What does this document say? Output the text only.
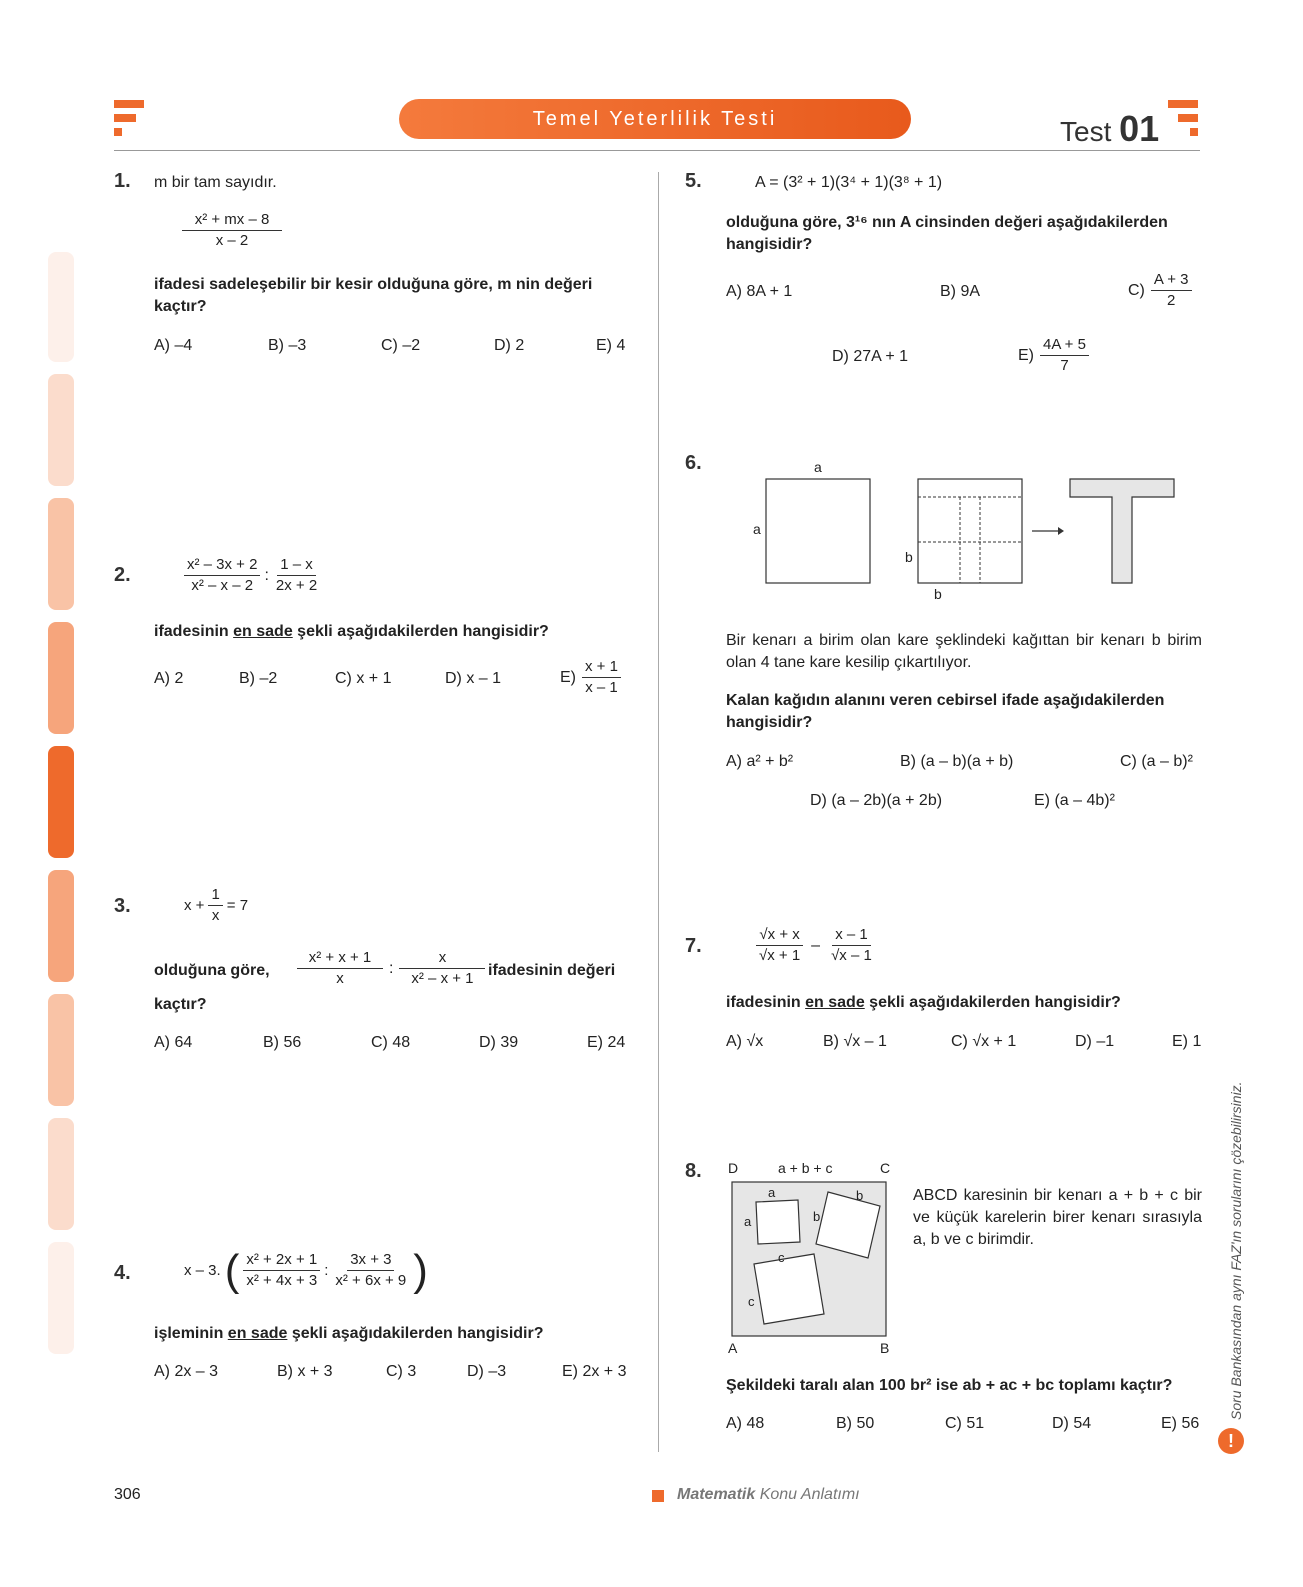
Temel Yeterlilik Testi	Test 01
1. m bir tam sayıdır.
$\frac{\text{x² + mx – 8}}{x - 2}$
ifadesi sadeleşebilir bir kesir olduğuna göre, m nin değeri kaçtır?
A) –4	B) –3	C) –2	D) 2	E) 4
2.	$\frac{\text{x² – 3x + 2}}{\text{x² – x – 2}}$ : $\frac{1 - x}{2x + 2}$
ifadesinin en sade şekli aşağıdakilerden hangisidir?
A) 2	B) –2	C) x + 1	D) x – 1	$E) \frac{x + 1}{x - 1}$
3.	$x + \frac{1}{x} = 7$
olduğuna göre, $\frac{\text{x² + x + 1}}{x}$ : $\frac{x}{\text{x² – x + 1}}$ ifadesinin değeri
kaçtır?
A) 64	B) 56	C) 48	D) 39	E) 24
4.	x – 3. ( $\frac{\text{x² + 2x + 1}}{\text{x² + 4x + 3}}$ : $\frac{3x + 3}{\text{x² + 6x + 9}}$ )
işleminin en sade şekli aşağıdakilerden hangisidir?
A) 2x – 3	B) x + 3	C) 3	D) –3	E) 2x + 3
5.	A = (3² + 1)(3⁴ + 1)(3⁸ + 1)
olduğuna göre, 3¹⁶ nın A cinsinden değeri aşağıdakilerden hangisidir?
A) 8A + 1	B) 9A	$C) \frac{A + 3}{2}$
D) 27A + 1	$E) \frac{4A + 5}{7}$
6.	a
a
b
b
Bir kenarı a birim olan kare şeklindeki kağıttan bir kenarı b birim olan 4 tane kare kesilip çıkartılıyor.
Kalan kağıdın alanını veren cebirsel ifade aşağıdakilerden hangisidir?
A) a² + b²	B) (a – b)(a + b)	C) (a – b)²
D) (a – 2b)(a + 2b)	E) (a – 4b)²
7.	$\frac{√x + x}{√x + 1} - \frac{x - 1}{√x - 1}$
ifadesinin en sade şekli aşağıdakilerden hangisidir?
A) √x	B) √x – 1	C) √x + 1	D) –1	E) 1
8. D	a + b + c	C
A	B
a
a
b
b
c
c
ABCD karesinin bir kenarı a + b + c bir ve küçük karelerin birer kenarı sırasıyla a, b ve c birimdir.
Şekildeki taralı alan 100 br² ise ab + ac + bc toplamı kaçtır?
A) 48	B) 50	C) 51	D) 54	E) 56
Soru Bankasından aynı FAZ'ın sorularını çözebilirsiniz.
!
306	Matematik Konu Anlatımı
